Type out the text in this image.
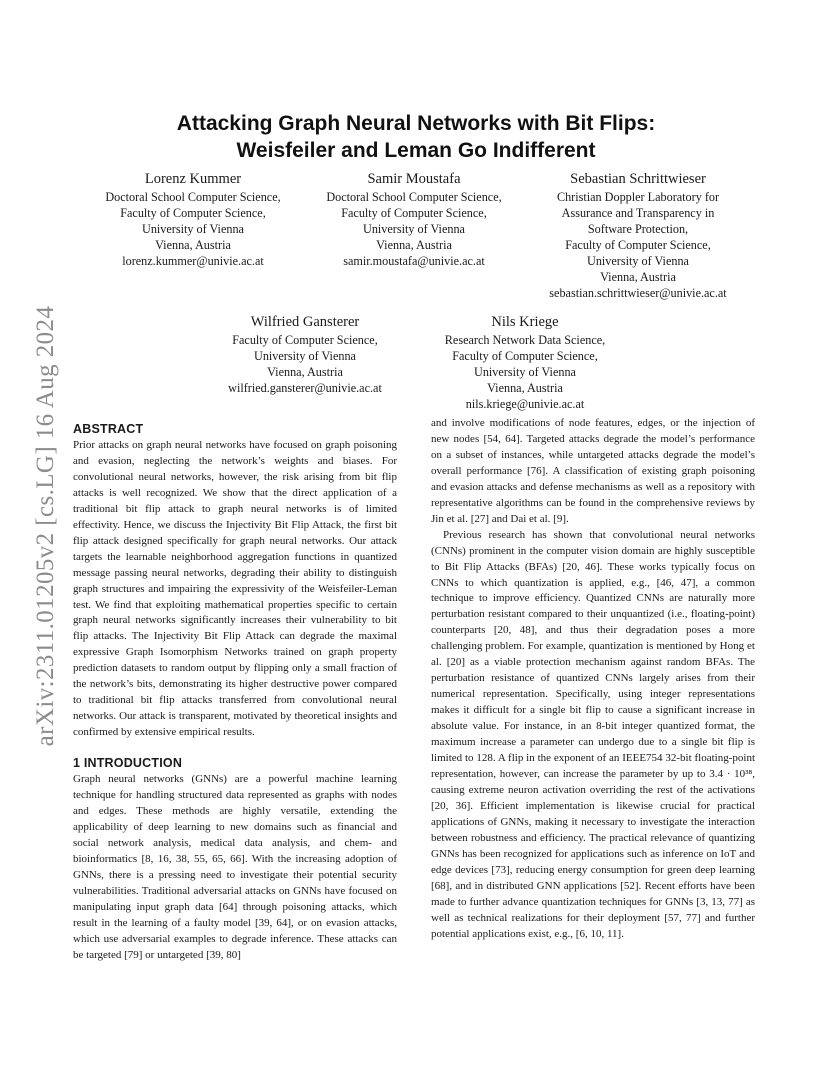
arXiv:2311.01205v2 [cs.LG] 16 Aug 2024
Attacking Graph Neural Networks with Bit Flips:
Weisfeiler and Leman Go Indifferent
Lorenz Kummer
Doctoral School Computer Science,
Faculty of Computer Science,
University of Vienna
Vienna, Austria
lorenz.kummer@univie.ac.at
Samir Moustafa
Doctoral School Computer Science,
Faculty of Computer Science,
University of Vienna
Vienna, Austria
samir.moustafa@univie.ac.at
Sebastian Schrittwieser
Christian Doppler Laboratory for
Assurance and Transparency in
Software Protection,
Faculty of Computer Science,
University of Vienna
Vienna, Austria
sebastian.schrittwieser@univie.ac.at
Wilfried Gansterer
Faculty of Computer Science,
University of Vienna
Vienna, Austria
wilfried.gansterer@univie.ac.at
Nils Kriege
Research Network Data Science,
Faculty of Computer Science,
University of Vienna
Vienna, Austria
nils.kriege@univie.ac.at
ABSTRACT

Prior attacks on graph neural networks have focused on graph poisoning and evasion, neglecting the network’s weights and biases. For convolutional neural networks, however, the risk arising from bit flip attacks is well recognized. We show that the direct application of a traditional bit flip attack to graph neural networks is of limited effectivity. Hence, we discuss the Injectivity Bit Flip Attack, the first bit flip attack designed specifically for graph neural networks. Our attack targets the learnable neighborhood aggregation functions in quantized message passing neural networks, degrading their ability to distinguish graph structures and impairing the expressivity of the Weisfeiler-Leman test. We find that exploiting mathematical properties specific to certain graph neural networks significantly increases their vulnerability to bit flip attacks. The Injectivity Bit Flip Attack can degrade the maximal expressive Graph Isomorphism Networks trained on graph property prediction datasets to random output by flipping only a small fraction of the network’s bits, demonstrating its higher destructive power compared to traditional bit flip attacks transferred from convolutional neural networks. Our attack is transparent, motivated by theoretical insights and confirmed by extensive empirical results.

1 INTRODUCTION

Graph neural networks (GNNs) are a powerful machine learning technique for handling structured data represented as graphs with nodes and edges. These methods are highly versatile, extending the applicability of deep learning to new domains such as financial and social network analysis, medical data analysis, and chem- and bioinformatics [8, 16, 38, 55, 65, 66]. With the increasing adoption of GNNs, there is a pressing need to investigate their potential security vulnerabilities. Traditional adversarial attacks on GNNs have focused on manipulating input graph data [64] through poisoning attacks, which result in the learning of a faulty model [39, 64], or on evasion attacks, which use adversarial examples to degrade inference. These attacks can be targeted [79] or untargeted [39, 80]

and involve modifications of node features, edges, or the injection of new nodes [54, 64]. Targeted attacks degrade the model’s performance on a subset of instances, while untargeted attacks degrade the model’s overall performance [76]. A classification of existing graph poisoning and evasion attacks and defense mechanisms as well as a repository with representative algorithms can be found in the comprehensive reviews by Jin et al. [27] and Dai et al. [9].

Previous research has shown that convolutional neural networks (CNNs) prominent in the computer vision domain are highly susceptible to Bit Flip Attacks (BFAs) [20, 46]. These works typically focus on CNNs to which quantization is applied, e.g., [46, 47], a common technique to improve efficiency. Quantized CNNs are naturally more perturbation resistant compared to their unquantized (i.e., floating-point) counterparts [20, 48], and thus their degradation poses a more challenging problem. For example, quantization is mentioned by Hong et al. [20] as a viable protection mechanism against random BFAs. The perturbation resistance of quantized CNNs largely arises from their numerical representation. Specifically, using integer representations makes it difficult for a single bit flip to cause a significant increase in absolute value. For instance, in an 8-bit integer quantized format, the maximum increase a parameter can undergo due to a single bit flip is limited to 128. A flip in the exponent of an IEEE754 32-bit floating-point representation, however, can increase the parameter by up to 3.4 · 10³⁸, causing extreme neuron activation overriding the rest of the activations [20, 36]. Efficient implementation is likewise crucial for practical applications of GNNs, making it necessary to investigate the interaction between robustness and efficiency. The practical relevance of quantizing GNNs has been recognized for applications such as inference on IoT and edge devices [73], reducing energy consumption for green deep learning [68], and in distributed GNN applications [52]. Recent efforts have been made to further advance quantization techniques for GNNs [3, 13, 77] as well as technical realizations for their deployment [57, 77] and further potential applications exist, e.g., [6, 10, 11].
